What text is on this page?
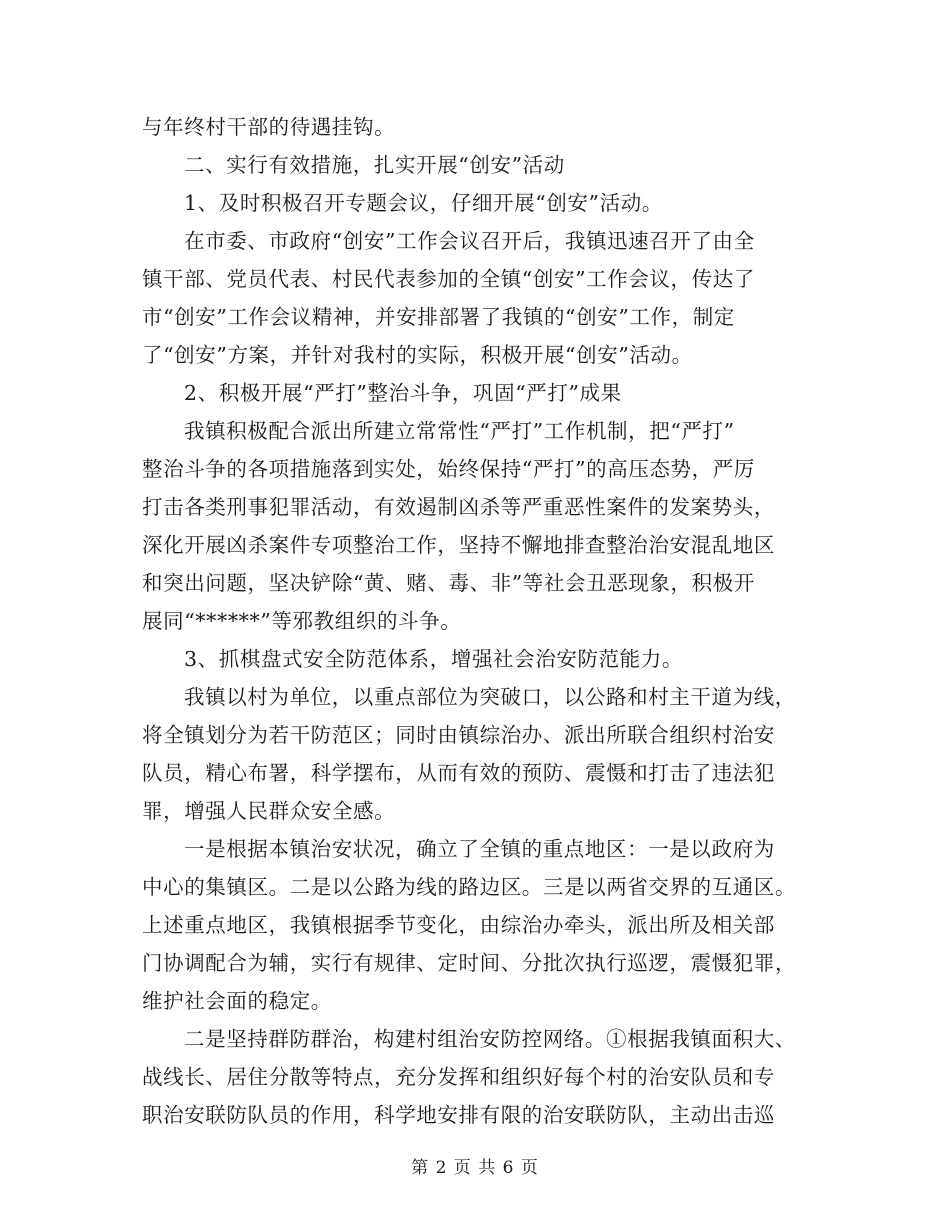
与年终村干部的待遇挂钩。
二、实行有效措施，扎实开展“创安”活动
1、及时积极召开专题会议，仔细开展“创安”活动。
在市委、市政府“创安”工作会议召开后，我镇迅速召开了由全
镇干部、党员代表、村民代表参加的全镇“创安”工作会议，传达了
市“创安”工作会议精神，并安排部署了我镇的“创安”工作，制定
了“创安”方案，并针对我村的实际，积极开展“创安”活动。
2、积极开展“严打”整治斗争，巩固“严打”成果
我镇积极配合派出所建立常常性“严打”工作机制，把“严打”
整治斗争的各项措施落到实处，始终保持“严打”的高压态势，严厉
打击各类刑事犯罪活动，有效遏制凶杀等严重恶性案件的发案势头，
深化开展凶杀案件专项整治工作，坚持不懈地排查整治治安混乱地区
和突出问题，坚决铲除“黄、赌、毒、非”等社会丑恶现象，积极开
展同“******”等邪教组织的斗争。
3、抓棋盘式安全防范体系，增强社会治安防范能力。
我镇以村为单位，以重点部位为突破口，以公路和村主干道为线，
将全镇划分为若干防范区；同时由镇综治办、派出所联合组织村治安
队员，精心布署，科学摆布，从而有效的预防、震慑和打击了违法犯
罪，增强人民群众安全感。
一是根据本镇治安状况，确立了全镇的重点地区：一是以政府为
中心的集镇区。二是以公路为线的路边区。三是以两省交界的互通区。
上述重点地区，我镇根据季节变化，由综治办牵头，派出所及相关部
门协调配合为辅，实行有规律、定时间、分批次执行巡逻，震慑犯罪，
维护社会面的稳定。
二是坚持群防群治，构建村组治安防控网络。①根据我镇面积大、
战线长、居住分散等特点，充分发挥和组织好每个村的治安队员和专
职治安联防队员的作用，科学地安排有限的治安联防队，主动出击巡
第 2 页 共 6 页
